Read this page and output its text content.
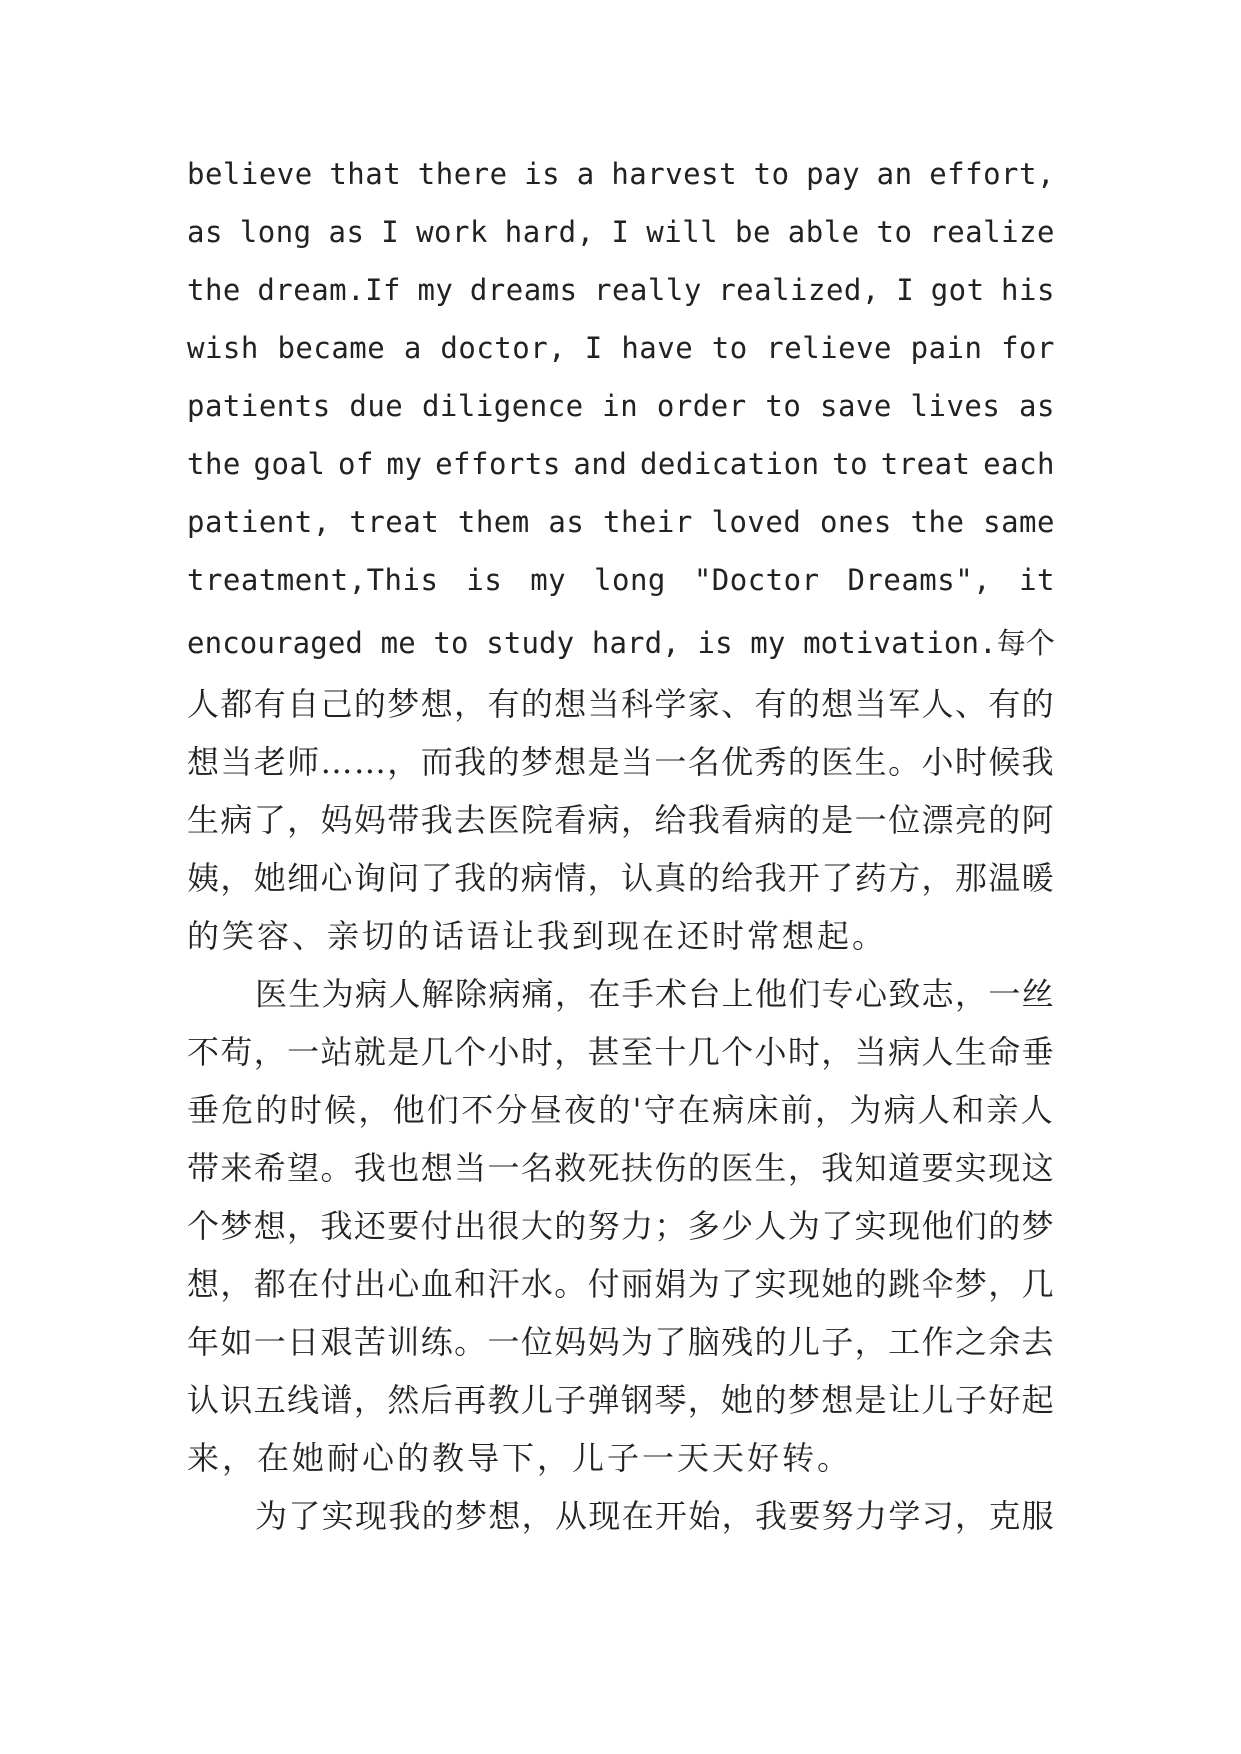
believe that there is a harvest to pay an effort,
as long as I work hard, I will be able to realize
the dream.If my dreams really realized, I got his
wish became a doctor, I have to relieve pain for
patients due diligence in order to save lives as
the goal of my efforts and dedication to treat each
patient, treat them as their loved ones the same
treatment,This is my long "Doctor Dreams", it
encouraged me to study hard, is my motivation.每个
人都有自己的梦想，有的想当科学家、有的想当军人、有的
想当老师……，而我的梦想是当一名优秀的医生。小时候我
生病了，妈妈带我去医院看病，给我看病的是一位漂亮的阿
姨，她细心询问了我的病情，认真的给我开了药方，那温暖
的笑容、亲切的话语让我到现在还时常想起。
医生为病人解除病痛，在手术台上他们专心致志，一丝
不苟，一站就是几个小时，甚至十几个小时，当病人生命垂
垂危的时候，他们不分昼夜的'守在病床前，为病人和亲人
带来希望。我也想当一名救死扶伤的医生，我知道要实现这
个梦想，我还要付出很大的努力；多少人为了实现他们的梦
想，都在付出心血和汗水。付丽娟为了实现她的跳伞梦，几
年如一日艰苦训练。一位妈妈为了脑残的儿子，工作之余去
认识五线谱，然后再教儿子弹钢琴，她的梦想是让儿子好起
来，在她耐心的教导下，儿子一天天好转。
为了实现我的梦想，从现在开始，我要努力学习，克服
